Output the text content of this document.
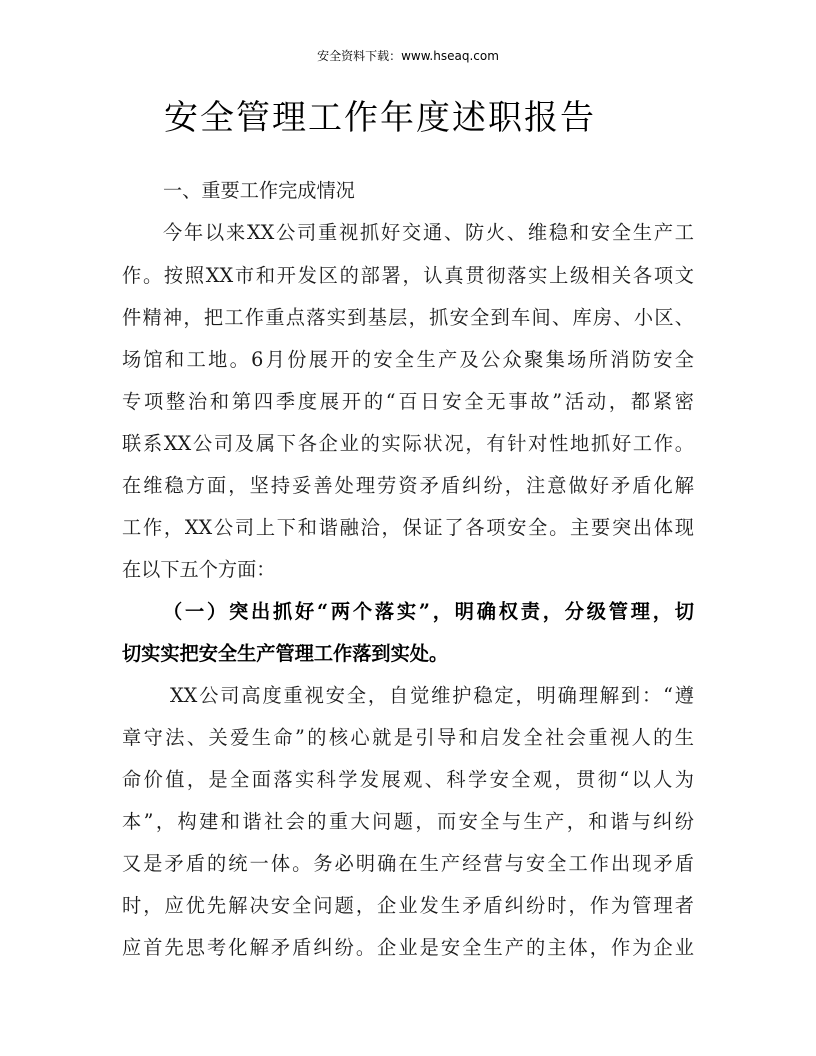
安全资料下载：www.hseaq.com
安全管理工作年度述职报告
一、重要工作完成情况
今年以来XX公司重视抓好交通、防火、维稳和安全生产工
作。按照XX市和开发区的部署，认真贯彻落实上级相关各项文
件精神，把工作重点落实到基层，抓安全到车间、库房、小区、
场馆和工地。6月份展开的安全生产及公众聚集场所消防安全
专项整治和第四季度展开的“百日安全无事故”活动，都紧密
联系XX公司及属下各企业的实际状况，有针对性地抓好工作。
在维稳方面，坚持妥善处理劳资矛盾纠纷，注意做好矛盾化解
工作，XX公司上下和谐融洽，保证了各项安全。主要突出体现
在以下五个方面：
（一）突出抓好“两个落实”，明确权责，分级管理，切
切实实把安全生产管理工作落到实处。
XX公司高度重视安全，自觉维护稳定，明确理解到：“遵
章守法、关爱生命”的核心就是引导和启发全社会重视人的生
命价值，是全面落实科学发展观、科学安全观，贯彻“以人为
本”，构建和谐社会的重大问题，而安全与生产，和谐与纠纷
又是矛盾的统一体。务必明确在生产经营与安全工作出现矛盾
时，应优先解决安全问题，企业发生矛盾纠纷时，作为管理者
应首先思考化解矛盾纠纷。企业是安全生产的主体，作为企业
